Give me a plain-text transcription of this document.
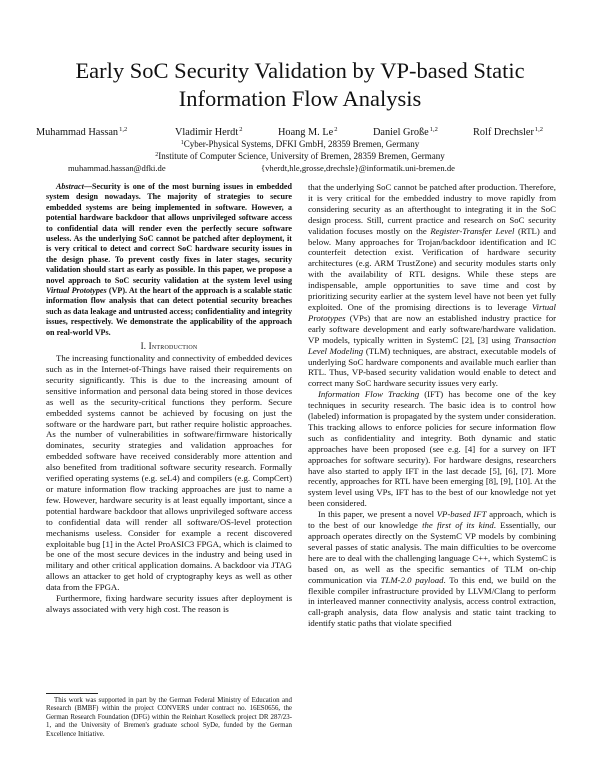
Early SoC Security Validation by VP-based Static Information Flow Analysis
Muhammad Hassan$^{1,2}$	Vladimir Herdt$^2$	Hoang M. Le$^2$	Daniel Große$^{1,2}$	Rolf Drechsler$^{1,2}$
$^1$Cyber-Physical Systems, DFKI GmbH, 28359 Bremen, Germany
$^2$Institute of Computer Science, University of Bremen, 28359 Bremen, Germany
muhammad.hassan@dfki.de	{vherdt,hle,grosse,drechsle}@informatik.uni-bremen.de

Abstract—Security is one of the most burning issues in embedded system design nowadays. The majority of strategies to secure embedded systems are being implemented in software. However, a potential hardware backdoor that allows unprivileged software access to confidential data will render even the perfectly secure software useless. As the underlying SoC cannot be patched after deployment, it is very critical to detect and correct SoC hardware security issues in the design phase. To prevent costly fixes in later stages, security validation should start as early as possible. In this paper, we propose a novel approach to SoC security validation at the system level using Virtual Prototypes (VP). At the heart of the approach is a scalable static information flow analysis that can detect potential security breaches such as data leakage and untrusted access; confidentiality and integrity issues, respectively. We demonstrate the applicability of the approach on real-world VPs.

I. Introduction

The increasing functionality and connectivity of embedded devices such as in the Internet-of-Things have raised their requirements on security significantly. This is due to the increasing amount of sensitive information and personal data being stored in those devices as well as the security-critical functions they perform. Secure embedded systems cannot be achieved by focusing on just the software or the hardware part, but rather require holistic approaches. As the number of vulnerabilities in software/firmware historically dominates, security strategies and validation approaches for embedded software have received considerably more attention and also benefited from traditional software security research. Formally verified operating systems (e.g. seL4) and compilers (e.g. CompCert) or mature information flow tracking approaches are just to name a few. However, hardware security is at least equally important, since a potential hardware backdoor that allows unprivileged software access to confidential data will render all software/OS-level protection mechanisms useless. Consider for example a recent discovered exploitable bug [1] in the Actel ProASIC3 FPGA, which is claimed to be one of the most secure devices in the industry and being used in military and other critical application domains. A backdoor via JTAG allows an attacker to get hold of cryptography keys as well as other data from the FPGA.

Furthermore, fixing hardware security issues after deployment is always associated with very high cost. The reason is

that the underlying SoC cannot be patched after production. Therefore, it is very critical for the embedded industry to move rapidly from considering security as an afterthought to integrating it in the SoC design process. Still, current practice and research on SoC security validation focuses mostly on the Register-Transfer Level (RTL) and below. Many approaches for Trojan/backdoor identification and IC counterfeit detection exist. Verification of hardware security architectures (e.g. ARM TrustZone) and security modules starts only with the availability of RTL designs. While these steps are indispensable, ample opportunities to save time and cost by prioritizing security earlier at the system level have not been yet fully exploited. One of the promising directions is to leverage Virtual Prototypes (VPs) that are now an established industry practice for early software development and early software/hardware validation. VP models, typically written in SystemC [2], [3] using Transaction Level Modeling (TLM) techniques, are abstract, executable models of underlying SoC hardware components and available much earlier than RTL. Thus, VP-based security validation would enable to detect and correct many SoC hardware security issues very early.

Information Flow Tracking (IFT) has become one of the key techniques in security research. The basic idea is to control how (labeled) information is propagated by the system under consideration. This tracking allows to enforce policies for secure information flow such as confidentiality and integrity. Both dynamic and static approaches have been proposed (see e.g. [4] for a survey on IFT approaches for software security). For hardware designs, researchers have also started to apply IFT in the last decade [5], [6], [7]. More recently, approaches for RTL have been emerging [8], [9], [10]. At the system level using VPs, IFT has to the best of our knowledge not yet been considered.

In this paper, we present a novel VP-based IFT approach, which is to the best of our knowledge the first of its kind. Essentially, our approach operates directly on the SystemC VP models by combining several passes of static analysis. The main difficulties to be overcome here are to deal with the challenging language C++, which SystemC is based on, as well as the specific semantics of TLM on-chip communication via TLM-2.0 payload. To this end, we build on the flexible compiler infrastructure provided by LLVM/Clang to perform in interleaved manner connectivity analysis, access control extraction, call-graph analysis, data flow analysis and static taint tracking to identify static paths that violate specified

This work was supported in part by the German Federal Ministry of Education and Research (BMBF) within the project CONVERS under contract no. 16ES0656, the German Research Foundation (DFG) within the Reinhart Koselleck project DR 287/23-1, and the University of Bremen's graduate school SyDe, funded by the German Excellence Initiative.
